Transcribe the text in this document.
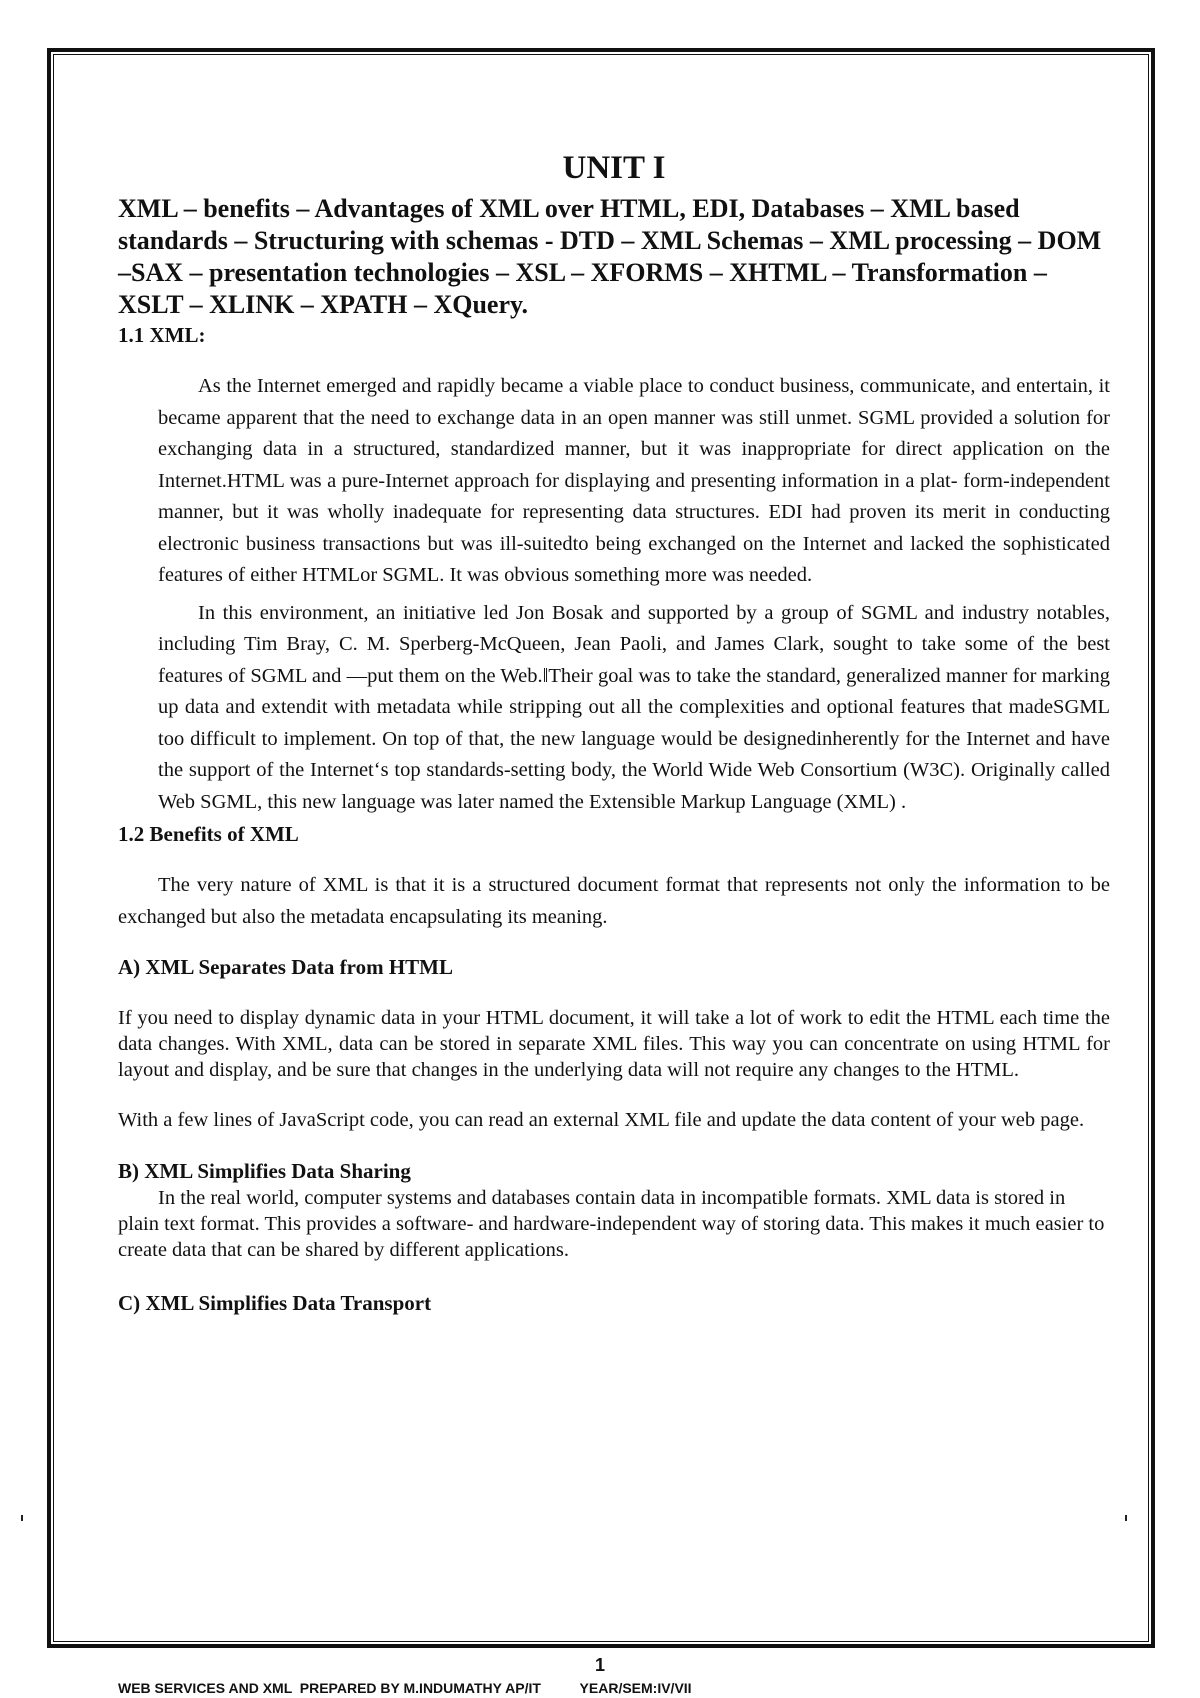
UNIT I
XML – benefits – Advantages of XML over HTML, EDI, Databases – XML based standards – Structuring with schemas - DTD – XML Schemas – XML processing – DOM –SAX – presentation technologies – XSL – XFORMS – XHTML – Transformation – XSLT – XLINK – XPATH – XQuery.
1.1 XML:

As the Internet emerged and rapidly became a viable place to conduct business, communicate, and entertain, it became apparent that the need to exchange data in an open manner was still unmet. SGML provided a solution for exchanging data in a structured, standardized manner, but it was inappropriate for direct application on the Internet.HTML was a pure-Internet approach for displaying and presenting information in a plat- form-independent manner, but it was wholly inadequate for representing data structures. EDI had proven its merit in conducting electronic business transactions but was ill-suitedto being exchanged on the Internet and lacked the sophisticated features of either HTMLor SGML. It was obvious something more was needed.

In this environment, an initiative led Jon Bosak and supported by a group of SGML and industry notables, including Tim Bray, C. M. Sperberg-McQueen, Jean Paoli, and James Clark, sought to take some of the best features of SGML and ―put them on the Web.‖Their goal was to take the standard, generalized manner for marking up data and extendit with metadata while stripping out all the complexities and optional features that madeSGML too difficult to implement. On top of that, the new language would be designedinherently for the Internet and have the support of the Internet‘s top standards-setting body, the World Wide Web Consortium (W3C). Originally called Web SGML, this new language was later named the Extensible Markup Language (XML) .

1.2 Benefits of XML

The very nature of XML is that it is a structured document format that represents not only the information to be exchanged but also the metadata encapsulating its meaning.

A) XML Separates Data from HTML

If you need to display dynamic data in your HTML document, it will take a lot of work to edit the HTML each time the data changes. With XML, data can be stored in separate XML files. This way you can concentrate on using HTML for layout and display, and be sure that changes in the underlying data will not require any changes to the HTML.

With a few lines of JavaScript code, you can read an external XML file and update the data content of your web page.

B) XML Simplifies Data Sharing

In the real world, computer systems and databases contain data in incompatible formats. XML data is stored in plain text format. This provides a software- and hardware-independent way of storing data. This makes it much easier to create data that can be shared by different applications.

C) XML Simplifies Data Transport
1
WEB SERVICES AND XML  PREPARED BY M.INDUMATHY AP/IT          YEAR/SEM:IV/VII
